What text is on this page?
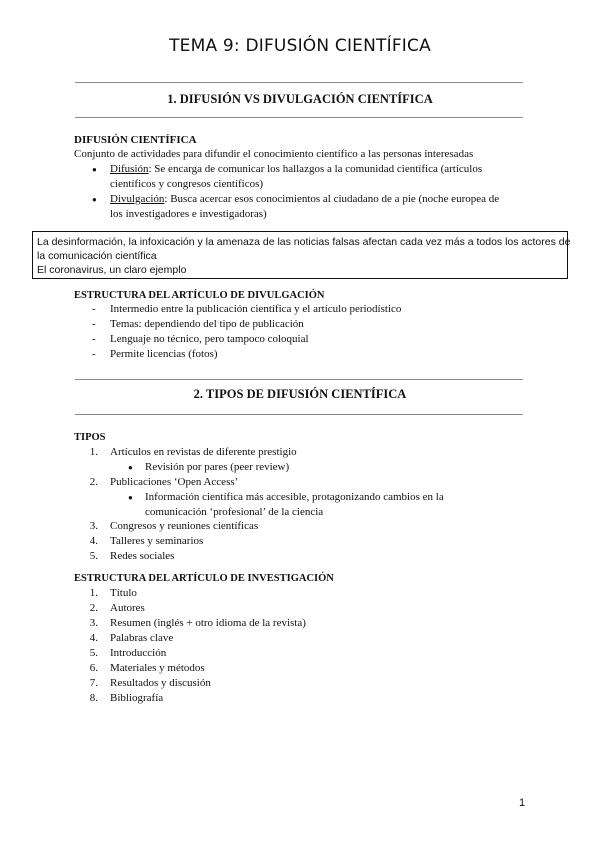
TEMA 9: DIFUSIÓN CIENTÍFICA
1. DIFUSIÓN VS DIVULGACIÓN CIENTÍFICA
DIFUSIÓN CIENTÍFICA
Conjunto de actividades para difundir el conocimiento científico a las personas interesadas
● Difusión: Se encarga de comunicar los hallazgos a la comunidad científica (artículos
científicos y congresos científicos)
● Divulgación: Busca acercar esos conocimientos al ciudadano de a pie (noche europea de
los investigadores e investigadoras)
La desinformación, la infoxicación y la amenaza de las noticias falsas afectan cada vez más a todos los actores de
la comunicación científica
El coronavirus, un claro ejemplo
ESTRUCTURA DEL ARTÍCULO DE DIVULGACIÓN
- Intermedio entre la publicación científica y el artículo periodístico
- Temas: dependiendo del tipo de publicación
- Lenguaje no técnico, pero tampoco coloquial
- Permite licencias (fotos)
2. TIPOS DE DIFUSIÓN CIENTÍFICA
TIPOS
1. Artículos en revistas de diferente prestigio
● Revisión por pares (peer review)
2. Publicaciones ‘Open Access’
● Información científica más accesible, protagonizando cambios en la
comunicación ‘profesional’ de la ciencia
3. Congresos y reuniones científicas
4. Talleres y seminarios
5. Redes sociales
ESTRUCTURA DEL ARTÍCULO DE INVESTIGACIÓN
1. Título
2. Autores
3. Resumen (inglés + otro idioma de la revista)
4. Palabras clave
5. Introducción
6. Materiales y métodos
7. Resultados y discusión
8. Bibliografía
1
